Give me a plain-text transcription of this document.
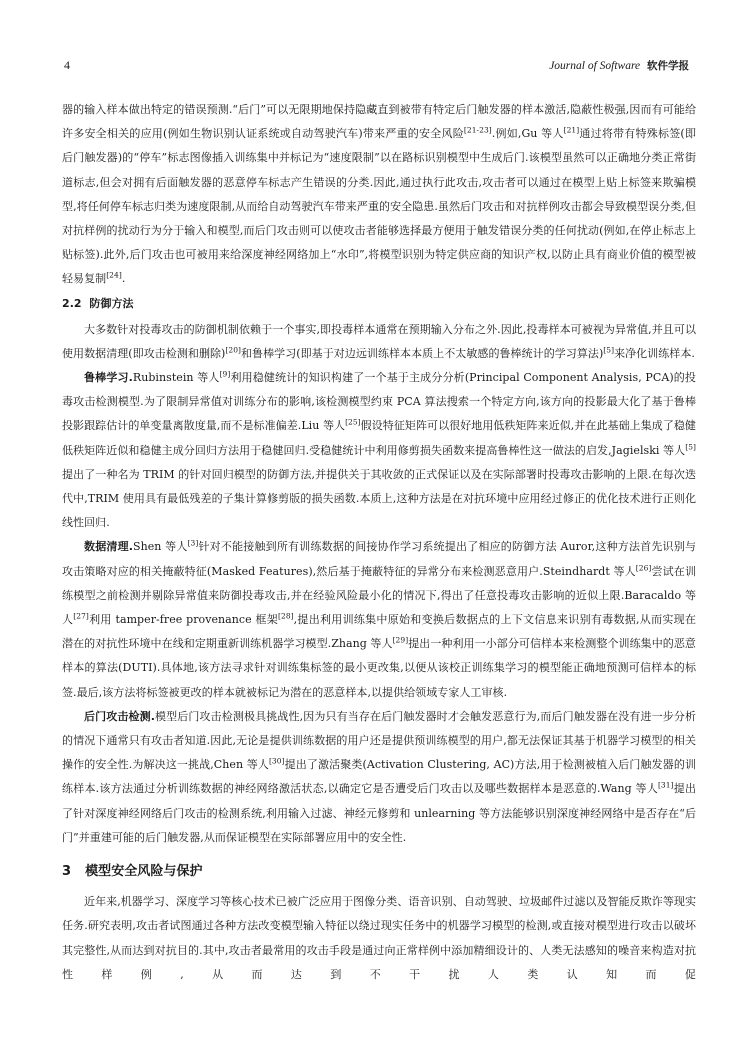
4	Journal of Software 软件学报

器的输入样本做出特定的错误预测.“后门”可以无限期地保持隐藏直到被带有特定后门触发器的样本激活,隐蔽性极强,因而有可能给许多安全相关的应用(例如生物识别认证系统或自动驾驶汽车)带来严重的安全风险[21-23].例如,Gu 等人[21]通过将带有特殊标签(即后门触发器)的“停车”标志图像插入训练集中并标记为“速度限制”以在路标识别模型中生成后门.该模型虽然可以正确地分类正常街道标志,但会对拥有后面触发器的恶意停车标志产生错误的分类.因此,通过执行此攻击,攻击者可以通过在模型上贴上标签来欺骗模型,将任何停车标志归类为速度限制,从而给自动驾驶汽车带来严重的安全隐患.虽然后门攻击和对抗样例攻击都会导致模型误分类,但对抗样例的扰动行为分于输入和模型,而后门攻击则可以使攻击者能够选择最方便用于触发错误分类的任何扰动(例如,在停止标志上贴标签).此外,后门攻击也可被用来给深度神经网络加上“水印”,将模型识别为特定供应商的知识产权,以防止具有商业价值的模型被轻易复制[24].

2.2 防御方法

大多数针对投毒攻击的防御机制依赖于一个事实,即投毒样本通常在预期输入分布之外.因此,投毒样本可被视为异常值,并且可以使用数据清理(即攻击检测和删除)[20]和鲁棒学习(即基于对边远训练样本本质上不太敏感的鲁棒统计的学习算法)[5]来净化训练样本.

鲁棒学习.Rubinstein 等人[9]利用稳健统计的知识构建了一个基于主成分分析(Principal Component Analysis, PCA)的投毒攻击检测模型.为了限制异常值对训练分布的影响,该检测模型约束 PCA 算法搜索一个特定方向,该方向的投影最大化了基于鲁棒投影跟踪估计的单变量离散度量,而不是标准偏差.Liu 等人[25]假设特征矩阵可以很好地用低秩矩阵来近似,并在此基础上集成了稳健低秩矩阵近似和稳健主成分回归方法用于稳健回归.受稳健统计中利用修剪损失函数来提高鲁棒性这一做法的启发,Jagielski 等人[5]提出了一种名为 TRIM 的针对回归模型的防御方法,并提供关于其收敛的正式保证以及在实际部署时投毒攻击影响的上限.在每次迭代中,TRIM 使用具有最低残差的子集计算修剪版的损失函数.本质上,这种方法是在对抗环境中应用经过修正的优化技术进行正则化线性回归.

数据清理.Shen 等人[3]针对不能接触到所有训练数据的间接协作学习系统提出了相应的防御方法 Auror,这种方法首先识别与攻击策略对应的相关掩蔽特征(Masked Features),然后基于掩蔽特征的异常分布来检测恶意用户.Steindhardt 等人[26]尝试在训练模型之前检测并剔除异常值来防御投毒攻击,并在经验风险最小化的情况下,得出了任意投毒攻击影响的近似上限.Baracaldo 等人[27]利用 tamper-free provenance 框架[28],提出利用训练集中原始和变换后数据点的上下文信息来识别有毒数据,从而实现在潜在的对抗性环境中在线和定期重新训练机器学习模型.Zhang 等人[29]提出一种利用一小部分可信样本来检测整个训练集中的恶意样本的算法(DUTI).具体地,该方法寻求针对训练集标签的最小更改集,以便从该校正训练集学习的模型能正确地预测可信样本的标签.最后,该方法将标签被更改的样本就被标记为潜在的恶意样本,以提供给领域专家人工审核.

后门攻击检测.模型后门攻击检测极具挑战性,因为只有当存在后门触发器时才会触发恶意行为,而后门触发器在没有进一步分析的情况下通常只有攻击者知道.因此,无论是提供训练数据的用户还是提供预训练模型的用户,都无法保证其基于机器学习模型的相关操作的安全性.为解决这一挑战,Chen 等人[30]提出了激活聚类(Activation Clustering, AC)方法,用于检测被植入后门触发器的训练样本.该方法通过分析训练数据的神经网络激活状态,以确定它是否遭受后门攻击以及哪些数据样本是恶意的.Wang 等人[31]提出了针对深度神经网络后门攻击的检测系统,利用输入过滤、神经元修剪和 unlearning 等方法能够识别深度神经网络中是否存在“后门”并重建可能的后门触发器,从而保证模型在实际部署应用中的安全性.

3 模型安全风险与保护

近年来,机器学习、深度学习等核心技术已被广泛应用于图像分类、语音识别、自动驾驶、垃圾邮件过滤以及智能反欺诈等现实任务.研究表明,攻击者试图通过各种方法改变模型输入特征以绕过现实任务中的机器学习模型的检测,或直接对模型进行攻击以破坏其完整性,从而达到对抗目的.其中,攻击者最常用的攻击手段是通过向正常样例中添加精细设计的、人类无法感知的噪音来构造对抗性样例,从而达到不干扰人类认知而促
